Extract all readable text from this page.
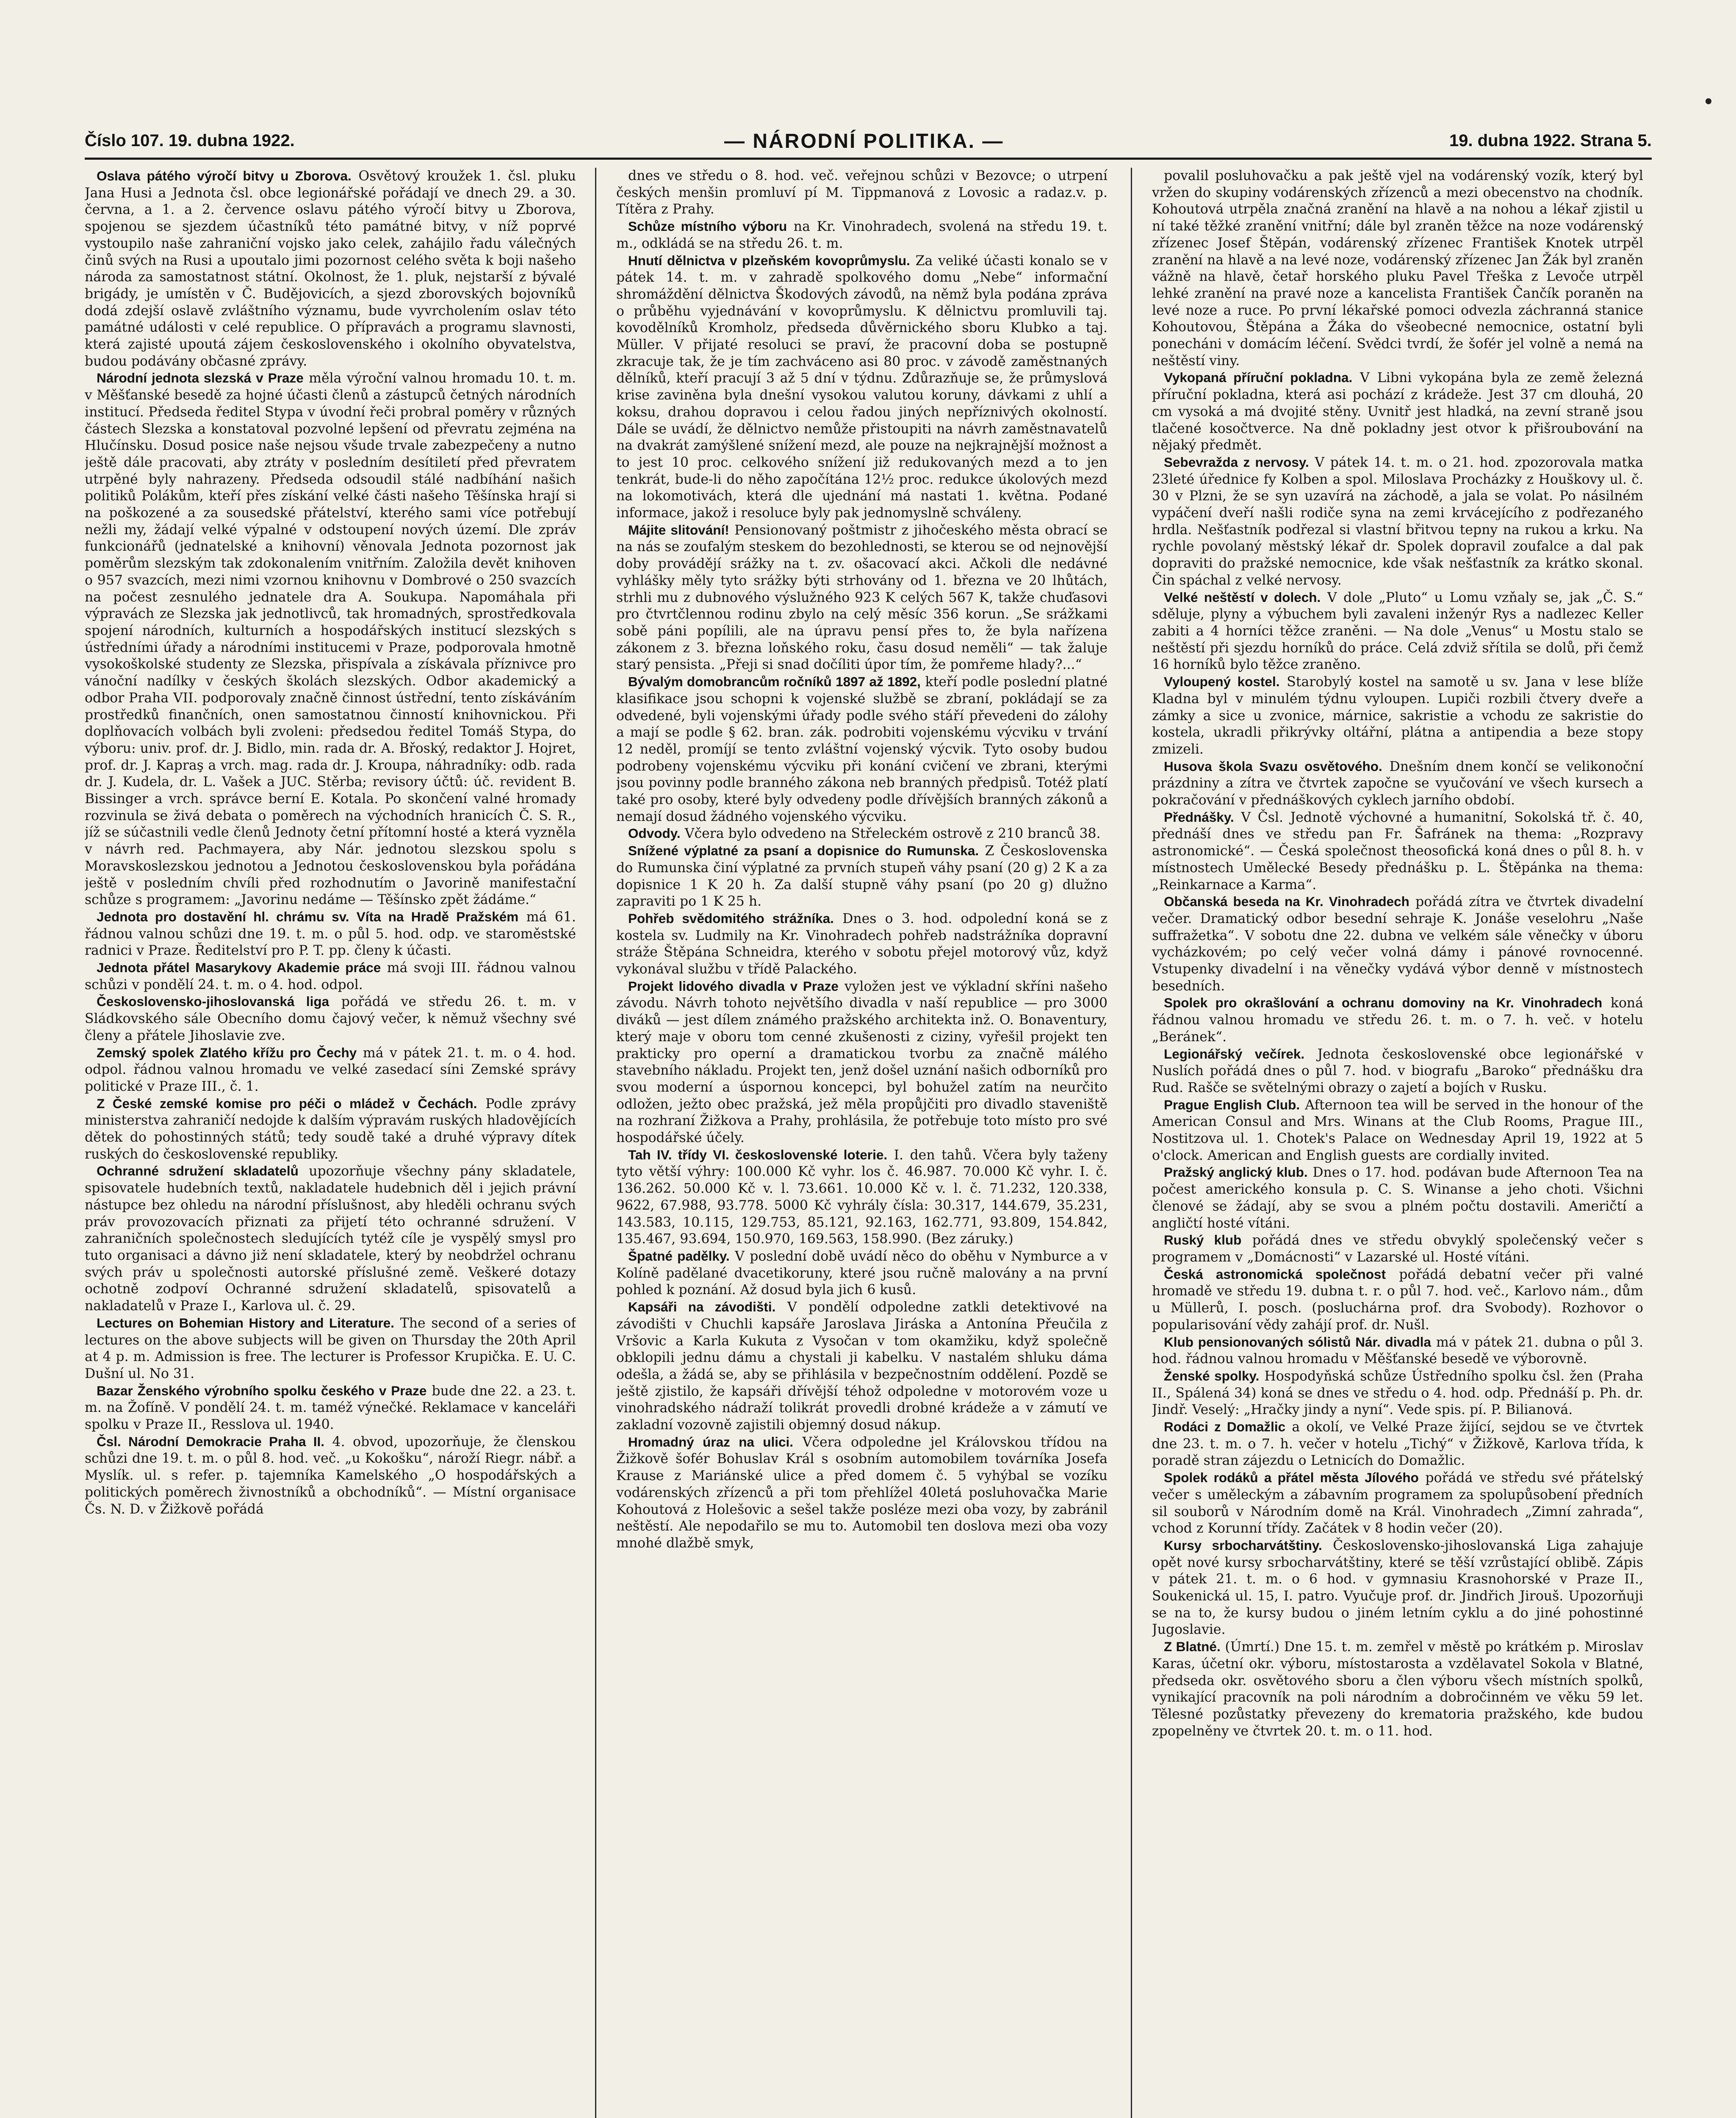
Číslo 107. 19. dubna 1922.	— NÁRODNÍ POLITIKA. —	19. dubna 1922. Strana 5.

Oslava pátého výročí bitvy u Zborova. Osvětový kroužek 1. čsl. pluku Jana Husi a Jednota čsl. obce legionářské pořádají ve dnech 29. a 30. června, a 1. a 2. července oslavu pátého výročí bitvy u Zborova, spojenou se sjezdem účastníků této památné bitvy, v níž poprvé vystoupilo naše zahraniční vojsko jako celek, zahájilo řadu válečných činů svých na Rusi a upoutalo jimi pozornost celého světa k boji našeho národa za samostatnost státní. Okolnost, že 1. pluk, nejstarší z bývalé brigády, je umístěn v Č. Budějovicích, a sjezd zborovských bojovníků dodá zdejší oslavě zvláštního významu, bude vyvrcholením oslav této památné události v celé republice. O přípravách a programu slavnosti, která zajisté upoutá zájem československého i okolního obyvatelstva, budou podávány občasné zprávy.

Národní jednota slezská v Praze měla výroční valnou hromadu 10. t. m. v Měšťanské besedě za hojné účasti členů a zástupců četných národních institucí. Předseda ředitel Stypa v úvodní řeči probral poměry v různých částech Slezska a konstatoval pozvolné lepšení od převratu zejména na Hlučínsku. Dosud posice naše nejsou všude trvale zabezpečeny a nutno ještě dále pracovati, aby ztráty v posledním desítiletí před převratem utrpěné byly nahrazeny. Předseda odsoudil stálé nadbíhání našich politiků Polákům, kteří přes získání velké části našeho Těšínska hrají si na poškozené a za sousedské přátelství, kterého sami více potřebují nežli my, žádají velké výpalné v odstoupení nových území. Dle zpráv funkcionářů (jednatelské a knihovní) věnovala Jednota pozornost jak poměrům slezským tak zdokonalením vnitřním. Založila devět knihoven o 957 svazcích, mezi nimi vzornou knihovnu v Dombrové o 250 svazcích na počest zesnulého jednatele dra A. Soukupa. Napomáhala při výpravách ze Slezska jak jednotlivců, tak hromadných, sprostředkovala spojení národních, kulturních a hospodářských institucí slezských s ústředními úřady a národními institucemi v Praze, podporovala hmotně vysokoškolské studenty ze Slezska, přispívala a získávala příznivce pro vánoční nadílky v českých školách slezských. Odbor akademický a odbor Praha VII. podporovaly značně činnost ústřední, tento získáváním prostředků finančních, onen samostatnou činností knihovnickou. Při doplňovacích volbách byli zvoleni: předsedou ředitel Tomáš Stypa, do výboru: univ. prof. dr. J. Bidlo, min. rada dr. A. Břoský, redaktor J. Hojret, prof. dr. J. Kapraş a vrch. mag. rada dr. J. Kroupa, náhradníky: odb. rada dr. J. Kudela, dr. L. Vašek a JUC. Stěrba; revisory účtů: úč. revident B. Bissinger a vrch. správce berní E. Kotala. Po skončení valné hromady rozvinula se živá debata o poměrech na východních hranicích Č. S. R., jíž se súčastnili vedle členů Jednoty četní přítomní hosté a která vyzněla v návrh red. Pachmayera, aby Nár. jednotou slezskou spolu s Moravskoslezskou jednotou a Jednotou československou byla pořádána ještě v posledním chvíli před rozhodnutím o Javorině manifestační schůze s programem: „Javorinu nedáme — Těšínsko zpět žádáme.“

Jednota pro dostavění hl. chrámu sv. Víta na Hradě Pražském má 61. řádnou valnou schůzi dne 19. t. m. o půl 5. hod. odp. ve staroměstské radnici v Praze. Ředitelství pro P. T. pp. členy k účasti.

Jednota přátel Masarykovy Akademie práce má svoji III. řádnou valnou schůzi v pondělí 24. t. m. o 4. hod. odpol.

Československo-jihoslovanská liga pořádá ve středu 26. t. m. v Sládkovského sále Obecního domu čajový večer, k němuž všechny své členy a přátele Jihoslavie zve.

Zemský spolek Zlatého křížu pro Čechy má v pátek 21. t. m. o 4. hod. odpol. řádnou valnou hromadu ve velké zasedací síni Zemské správy politické v Praze III., č. 1.

Z České zemské komise pro péči o mládež v Čechách. Podle zprávy ministerstva zahraničí nedojde k dalším výpravám ruských hladovějících dětek do pohostinných států; tedy soudě také a druhé výpravy dítek ruských do československé republiky.

Ochranné sdružení skladatelů upozorňuje všechny pány skladatele, spisovatele hudebních textů, nakladatele hudebnich děl i jejich právní nástupce bez ohledu na národní příslušnost, aby hleděli ochranu svých práv provozovacích přiznati za přijetí této ochranné sdružení. V zahraničních společnostech sledujících tytéž cíle je vyspělý smysl pro tuto organisaci a dávno již není skladatele, který by neobdržel ochranu svých práv u společnosti autorské příslušné země. Veškeré dotazy ochotně zodpoví Ochranné sdružení skladatelů, spisovatelů a nakladatelů v Praze I., Karlova ul. č. 29.

Lectures on Bohemian History and Literature. The second of a series of lectures on the above subjects will be given on Thursday the 20th April at 4 p. m. Admission is free. The lecturer is Professor Krupička. E. U. C. Dušní ul. No 31.

Bazar Ženského výrobního spolku českého v Praze bude dne 22. a 23. t. m. na Žofíně. V pondělí 24. t. m. taméž výnečké. Reklamace v kanceláři spolku v Praze II., Resslova ul. 1940.

Čsl. Národní Demokracie Praha II. 4. obvod, upozorňuje, že členskou schůzi dne 19. t. m. o půl 8. hod. več. „u Kokošku“, nároží Riegr. nábř. a Myslík. ul. s refer. p. tajemníka Kamelského „O hospodářských a politických poměrech živnostníků a obchodníků“. — Místní organisace Čs. N. D. v Žižkově pořádá

dnes ve středu o 8. hod. več. veřejnou schůzi v Bezovce; o utrpení českých menšin promluví pí M. Tippmanová z Lovosic a radaz.v. p. Títěra z Prahy.

Schůze místního výboru na Kr. Vinohradech, svolená na středu 19. t. m., odkládá se na středu 26. t. m.

Hnutí dělnictva v plzeňském kovoprůmyslu. Za veliké účasti konalo se v pátek 14. t. m. v zahradě spolkového domu „Nebe“ informační shromáždění dělnictva Škodových závodů, na němž byla podána zpráva o průběhu vyjednávání v kovoprůmyslu. K dělnictvu promluvili taj. kovodělníků Kromholz, předseda důvěrnického sboru Klubko a taj. Müller. V přijaté resoluci se praví, že pracovní doba se postupně zkracuje tak, že je tím zachváceno asi 80 proc. v závodě zaměstnaných dělníků, kteří pracují 3 až 5 dní v týdnu. Zdůrazňuje se, že průmyslová krise zaviněna byla dnešní vysokou valutou koruny, dávkami z uhlí a koksu, drahou dopravou i celou řadou jiných nepříznivých okolností. Dále se uvádí, že dělnictvo nemůže přistoupiti na návrh zaměstnavatelů na dvakrát zamýšlené snížení mezd, ale pouze na nejkrajnější možnost a to jest 10 proc. celkového snížení již redukovaných mezd a to jen tenkrát, bude-li do něho započítána 12½ proc. redukce úkolových mezd na lokomotivách, která dle ujednání má nastati 1. května. Podané informace, jakož i resoluce byly pak jednomyslně schváleny.

Májite slitování! Pensionovaný poštmistr z jihočeského města obrací se na nás se zoufalým steskem do bezohlednosti, se kterou se od nejnovější doby provádějí srážky na t. zv. ošacovací akci. Ačkoli dle nedávné vyhlášky měly tyto srážky býti strhovány od 1. března ve 20 lhůtách, strhli mu z dubnového výslužného 923 K celých 567 K, takže chuďasovi pro čtvrtčlennou rodinu zbylo na celý měsíc 356 korun. „Se srážkami sobě páni popílili, ale na úpravu pensí přes to, že byla nařízena zákonem z 3. března loňského roku, času dosud neměli“ — tak žaluje starý pensista. „Přeji si snad dočíliti úpor tím, že pomřeme hlady?...“

Bývalým domobrancům ročníků 1897 až 1892, kteří podle poslední platné klasifikace jsou schopni k vojenské službě se zbraní, pokládají se za odvedené, byli vojenskými úřady podle svého stáří převedeni do zálohy a mají se podle § 62. bran. zák. podrobiti vojenskému výcviku v trvání 12 neděl, promíjí se tento zvláštní vojenský výcvik. Tyto osoby budou podrobeny vojenskému výcviku při konání cvičení ve zbrani, kterými jsou povinny podle branného zákona neb branných předpisů. Totéž platí také pro osoby, které byly odvedeny podle dřívějších branných zákonů a nemají dosud žádného vojenského výcviku.

Odvody. Včera bylo odvedeno na Střeleckém ostrově z 210 branců 38.

Snížené výplatné za psaní a dopisnice do Rumunska. Z Československa do Rumunska činí výplatné za prvních stupeň váhy psaní (20 g) 2 K a za dopisnice 1 K 20 h. Za další stupně váhy psaní (po 20 g) dlužno zapraviti po 1 K 25 h.

Pohřeb svědomitého strážníka. Dnes o 3. hod. odpolední koná se z kostela sv. Ludmily na Kr. Vinohradech pohřeb nadstrážníka dopravní stráže Štěpána Schneidra, kterého v sobotu přejel motorový vůz, když vykonával službu v třídě Palackého.

Projekt lidového divadla v Praze vyložen jest ve výkladní skříni našeho závodu. Návrh tohoto největšího divadla v naší republice — pro 3000 diváků — jest dílem známého pražského architekta inž. O. Bonaventury, který maje v oboru tom cenné zkušenosti z ciziny, vyřešil projekt ten prakticky pro operní a dramatickou tvorbu za značně málého stavebního nákladu. Projekt ten, jenž došel uznání našich odborníků pro svou moderní a úspornou koncepci, byl bohužel zatím na neurčito odložen, ježto obec pražská, jež měla propůjčiti pro divadlo staveniště na rozhraní Žižkova a Prahy, prohlásila, že potřebuje toto místo pro své hospodářské účely.

Tah IV. třídy VI. československé loterie. I. den tahů. Včera byly taženy tyto větší výhry: 100.000 Kč vyhr. los č. 46.987. 70.000 Kč vyhr. I. č. 136.262. 50.000 Kč v. l. 73.661. 10.000 Kč v. l. č. 71.232, 120.338, 9622, 67.988, 93.778. 5000 Kč vyhrály čísla: 30.317, 144.679, 35.231, 143.583, 10.115, 129.753, 85.121, 92.163, 162.771, 93.809, 154.842, 135.467, 93.694, 150.970, 169.563, 158.990. (Bez záruky.)

Špatné padělky. V poslední době uvádí něco do oběhu v Nymburce a v Kolíně padělané dvacetikoruny, které jsou ručně malovány a na první pohled k poznání. Až dosud byla jich 6 kusů.

Kapsáři na závodišti. V pondělí odpoledne zatkli detektivové na závodišti v Chuchli kapsáře Jaroslava Jiráska a Antonína Přeučila z Vršovic a Karla Kukuta z Vysočan v tom okamžiku, když společně obklopili jednu dámu a chystali ji kabelku. V nastalém shluku dáma odešla, a žádá se, aby se přihlásila v bezpečnostním oddělení. Pozdě se ještě zjistilo, že kapsáři dřívější téhož odpoledne v motorovém voze u vinohradského nádraží tolikrát provedli drobné krádeže a v zámutí ve zakladní vozovně zajistili objemný dosud nákup.

Hromadný úraz na ulici. Včera odpoledne jel Královskou třídou na Žižkově šofér Bohuslav Král s osobním automobilem továrníka Josefa Krause z Mariánské ulice a před domem č. 5 vyhýbal se vozíku vodárenských zřízenců a při tom přehlížel 40letá posluhovačka Marie Kohoutová z Holešovic a sešel takže posléze mezi oba vozy, by zabránil neštěstí. Ale nepodařilo se mu to. Automobil ten doslova mezi oba vozy mnohé dlažbě smyk,

povalil posluhovačku a pak ještě vjel na vodárenský vozík, který byl vržen do skupiny vodárenských zřízenců a mezi obecenstvo na chodník. Kohoutová utrpěla značná zranění na hlavě a na nohou a lékař zjistil u ní také těžké zranění vnitřní; dále byl zraněn těžce na noze vodárenský zřízenec Josef Štěpán, vodárenský zřízenec František Knotek utrpěl zranění na hlavě a na levé noze, vodárenský zřízenec Jan Žák byl zraněn vážně na hlavě, četař horského pluku Pavel Třeška z Levoče utrpěl lehké zranění na pravé noze a kancelista František Čančík poraněn na levé noze a ruce. Po první lékařské pomoci odvezla záchranná stanice Kohoutovou, Štěpána a Žáka do všeobecné nemocnice, ostatní byli ponecháni v domácím léčení. Svědci tvrdí, že šofér jel volně a nemá na neštěstí viny.

Vykopaná příruční pokladna. V Libni vykopána byla ze země železná příruční pokladna, která asi pochází z krádeže. Jest 37 cm dlouhá, 20 cm vysoká a má dvojité stěny. Uvnitř jest hladká, na zevní straně jsou tlačené kosočtverce. Na dně pokladny jest otvor k přišroubování na nějaký předmět.

Sebevražda z nervosy. V pátek 14. t. m. o 21. hod. zpozorovala matka 23leté úřednice fy Kolben a spol. Miloslava Procházky z Houškovy ul. č. 30 v Plzni, že se syn uzavírá na záchodě, a jala se volat. Po násilném vypáčení dveří našli rodiče syna na zemi krvácejícího z podřezaného hrdla. Nešťastník podřezal si vlastní břitvou tepny na rukou a krku. Na rychle povolaný městský lékař dr. Spolek dopravil zoufalce a dal pak dopraviti do pražské nemocnice, kde však nešťastník za krátko skonal. Čin spáchal z velké nervosy.

Velké neštěstí v dolech. V dole „Pluto“ u Lomu vzňaly se, jak „Č. S.“ sděluje, plyny a výbuchem byli zavaleni inženýr Rys a nadlezec Keller zabiti a 4 horníci těžce zraněni. — Na dole „Venus“ u Mostu stalo se neštěstí při sjezdu horníků do práce. Celá zdviž sřítila se dolů, při čemž 16 horníků bylo těžce zraněno.

Vyloupený kostel. Starobylý kostel na samotě u sv. Jana v lese blíže Kladna byl v minulém týdnu vyloupen. Lupiči rozbili čtvery dveře a zámky a sice u zvonice, márnice, sakristie a vchodu ze sakristie do kostela, ukradli přikrývky oltářní, plátna a antipendia a beze stopy zmizeli.

Husova škola Svazu osvětového. Dnešním dnem končí se velikonoční prázdniny a zítra ve čtvrtek započne se vyučování ve všech kursech a pokračování v přednáškových cyklech jarního období.

Přednášky. V Čsl. Jednotě výchovné a humanitní, Sokolská tř. č. 40, přednáší dnes ve středu pan Fr. Šafránek na thema: „Rozpravy astronomické“. — Česká společnost theosofická koná dnes o půl 8. h. v místnostech Umělecké Besedy přednášku p. L. Štěpánka na thema: „Reinkarnace a Karma“.

Občanská beseda na Kr. Vinohradech pořádá zítra ve čtvrtek divadelní večer. Dramatický odbor besední sehraje K. Jonáše veselohru „Naše suffražetka“. V sobotu dne 22. dubna ve velkém sále věnečky v úboru vycházkovém; po celý večer volná dámy i pánové rovnocenné. Vstupenky divadelní i na věnečky vydává výbor denně v místnostech besedních.

Spolek pro okrašlování a ochranu domoviny na Kr. Vinohradech koná řádnou valnou hromadu ve středu 26. t. m. o 7. h. več. v hotelu „Beránek“.

Legionářský večírek. Jednota československé obce legionářské v Nuslích pořádá dnes o půl 7. hod. v biografu „Baroko“ přednášku dra Rud. Rašče se světelnými obrazy o zajetí a bojích v Rusku.

Prague English Club. Afternoon tea will be served in the honour of the American Consul and Mrs. Winans at the Club Rooms, Prague III., Nostitzova ul. 1. Chotek's Palace on Wednesday April 19, 1922 at 5 o'clock. American and English guests are cordially invited.

Pražský anglický klub. Dnes o 17. hod. podávan bude Afternoon Tea na počest amerického konsula p. C. S. Winanse a jeho choti. Všichni členové se žádají, aby se svou a plném počtu dostavili. Američtí a angličtí hosté vítáni.

Ruský klub pořádá dnes ve středu obvyklý společenský večer s programem v „Domácnosti“ v Lazarské ul. Hosté vítáni.

Česká astronomická společnost pořádá debatní večer při valné hromadě ve středu 19. dubna t. r. o půl 7. hod. več., Karlovo nám., dům u Müllerů, I. posch. (posluchárna prof. dra Svobody). Rozhovor o popularisování vědy zahájí prof. dr. Nušl.

Klub pensionovaných sólistů Nár. divadla má v pátek 21. dubna o půl 3. hod. řádnou valnou hromadu v Měšťanské besedě ve výborovně.

Ženské spolky. Hospodyňská schůze Ústředního spolku čsl. žen (Praha II., Spálená 34) koná se dnes ve středu o 4. hod. odp. Přednáší p. Ph. dr. Jindř. Veselý: „Hračky jindy a nyní“. Vede spis. pí. P. Bilianová.

Rodáci z Domažlic a okolí, ve Velké Praze žijící, sejdou se ve čtvrtek dne 23. t. m. o 7. h. večer v hotelu „Tichý“ v Žižkově, Karlova třída, k poradě stran zájezdu o Letnicích do Domažlic.

Spolek rodáků a přátel města Jílového pořádá ve středu své přátelský večer s uměleckým a zábavním programem za spolupůsobení předních sil souborů v Národním domě na Král. Vinohradech „Zimní zahrada“, vchod z Korunní třídy. Začátek v 8 hodin večer (20).

Kursy srbocharvátštiny. Československo-jihoslovanská Liga zahajuje opět nové kursy srbocharvátštiny, které se těší vzrůstající oblibě. Zápis v pátek 21. t. m. o 6 hod. v gymnasiu Krasnohorské v Praze II., Soukenická ul. 15, I. patro. Vyučuje prof. dr. Jindřich Jirouš. Upozorňuji se na to, že kursy budou o jiném letním cyklu a do jiné pohostinné Jugoslavie.

Z Blatné. (Úmrtí.) Dne 15. t. m. zemřel v městě po krátkém p. Miroslav Karas, účetní okr. výboru, místostarosta a vzdělavatel Sokola v Blatné, předseda okr. osvětového sboru a člen výboru všech místních spolků, vynikající pracovník na poli národním a dobročinném ve věku 59 let. Tělesné pozůstatky převezeny do krematoria pražského, kde budou zpopelněny ve čtvrtek 20. t. m. o 11. hod.
